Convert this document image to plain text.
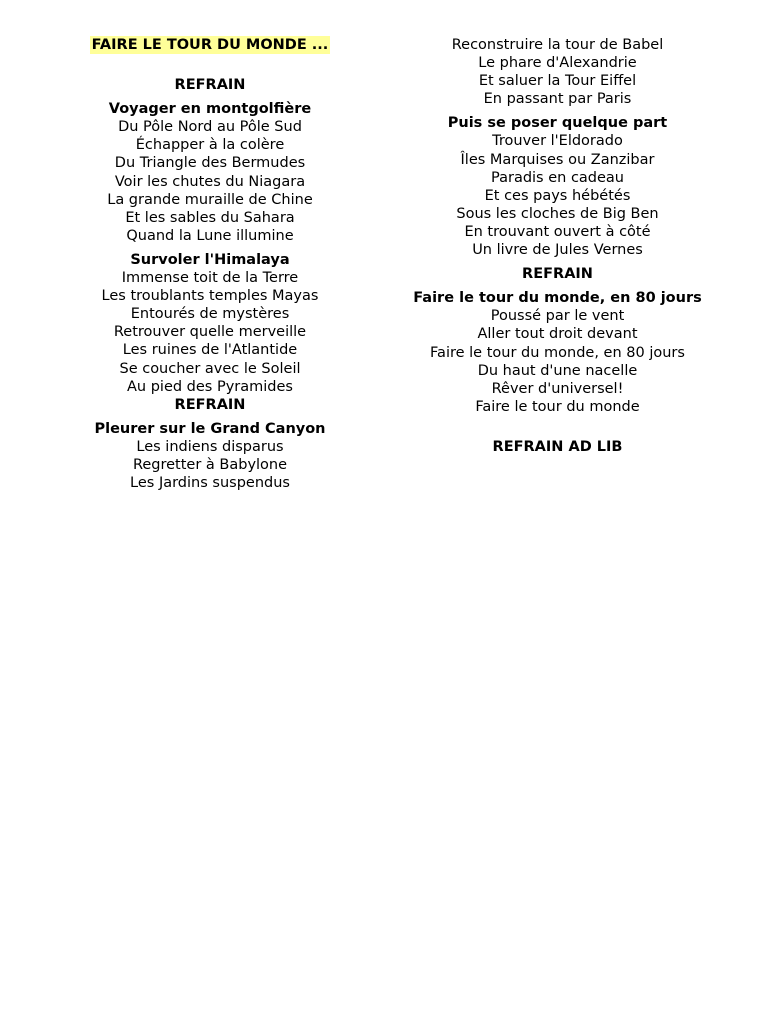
FAIRE LE TOUR DU MONDE ...
REFRAIN
Voyager en montgolfière
Du Pôle Nord au Pôle Sud
Échapper à la colère
Du Triangle des Bermudes
Voir les chutes du Niagara
La grande muraille de Chine
Et les sables du Sahara
Quand la Lune illumine
Survoler l'Himalaya
Immense toit de la Terre
Les troublants temples Mayas
Entourés de mystères
Retrouver quelle merveille
Les ruines de l'Atlantide
Se coucher avec le Soleil
Au pied des Pyramides
REFRAIN
Pleurer sur le Grand Canyon
Les indiens disparus
Regretter à Babylone
Les Jardins suspendus
Reconstruire la tour de Babel
Le phare d'Alexandrie
Et saluer la Tour Eiffel
En passant par Paris
Puis se poser quelque part
Trouver l'Eldorado
Îles Marquises ou Zanzibar
Paradis en cadeau
Et ces pays hébétés
Sous les cloches de Big Ben
En trouvant ouvert à côté
Un livre de Jules Vernes
REFRAIN
Faire le tour du monde, en 80 jours
Poussé par le vent
Aller tout droit devant
Faire le tour du monde, en 80 jours
Du haut d'une nacelle
Rêver d'universel!
Faire le tour du monde
REFRAIN AD LIB
